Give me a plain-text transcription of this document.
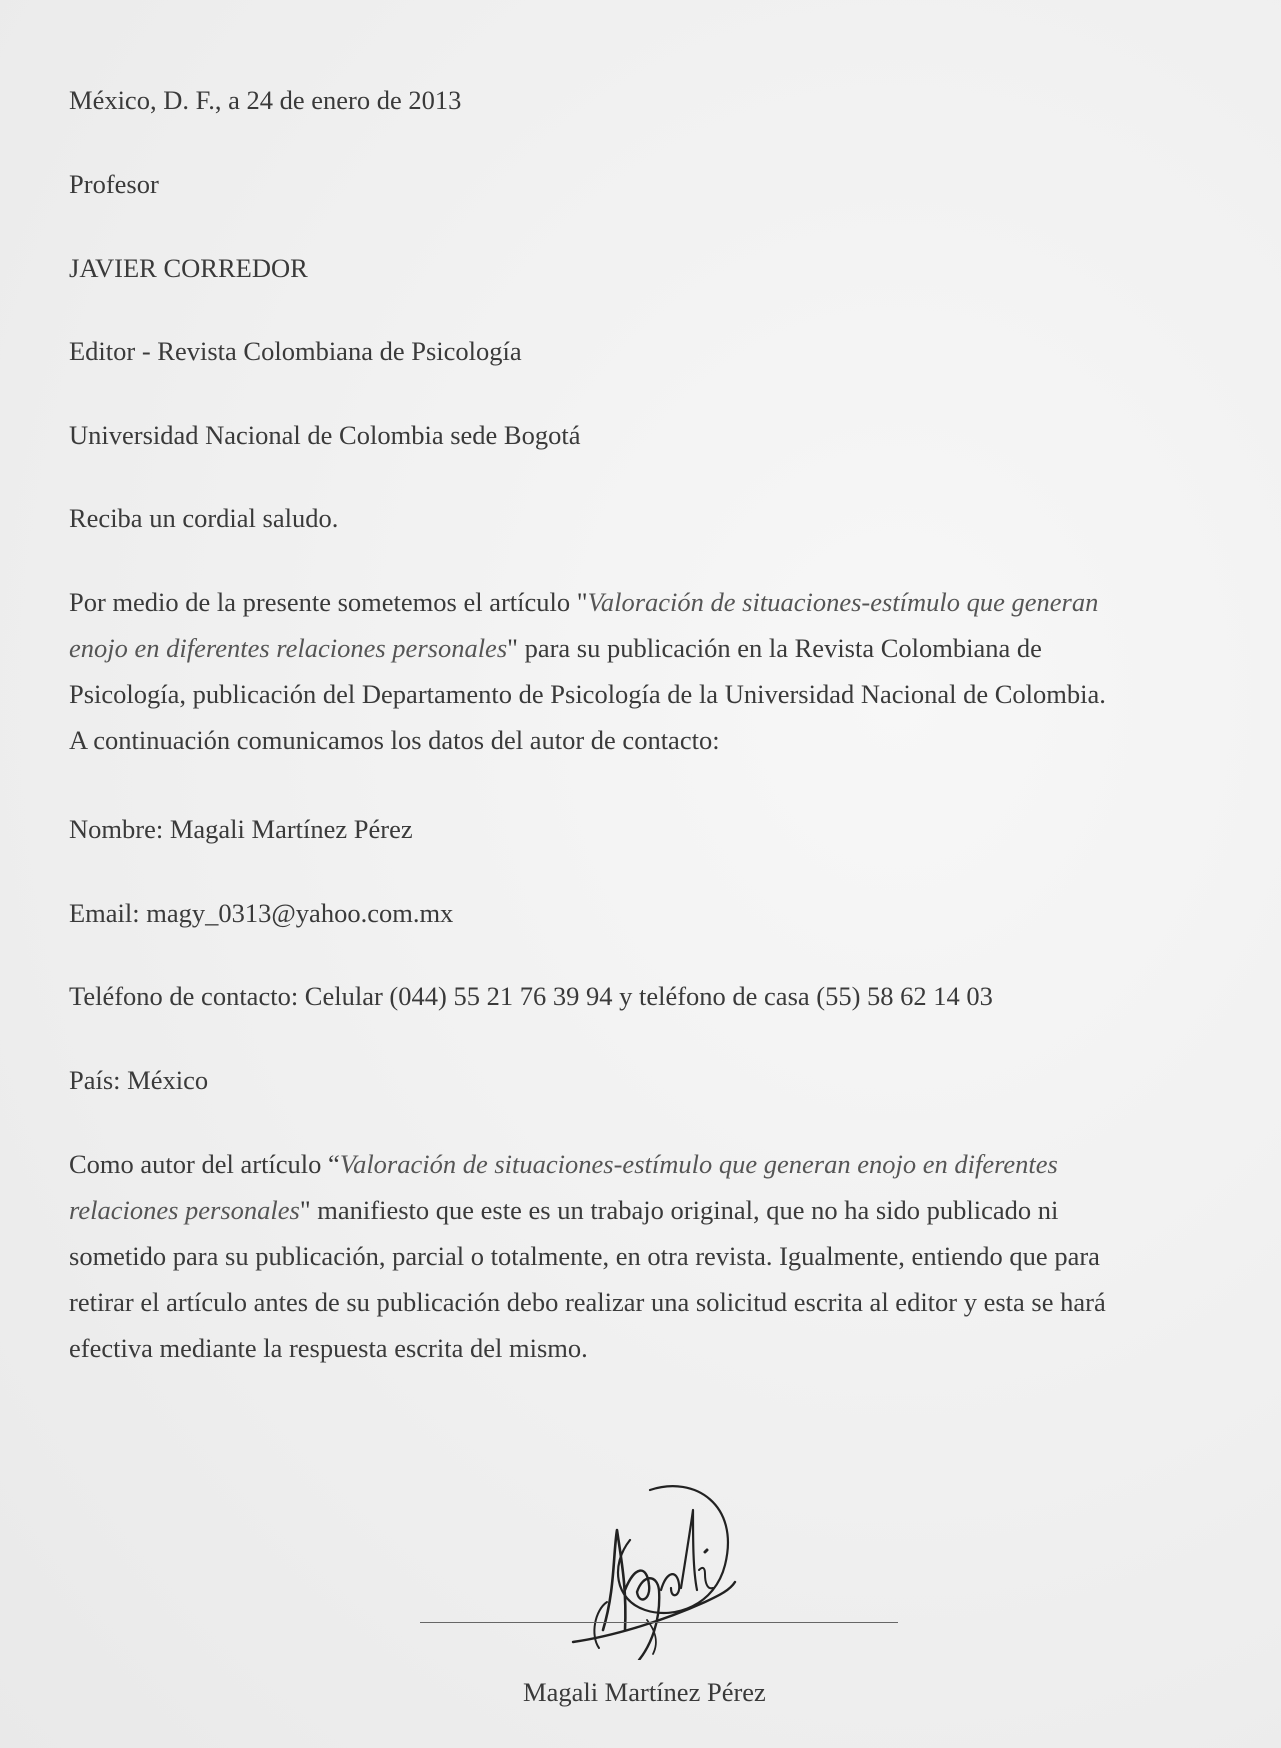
México, D. F., a 24 de enero de 2013
Profesor
JAVIER CORREDOR
Editor - Revista Colombiana de Psicología
Universidad Nacional de Colombia sede Bogotá
Reciba un cordial saludo.
Por medio de la presente sometemos el artículo "Valoración de situaciones-estímulo que generan
enojo en diferentes relaciones personales" para su publicación en la Revista Colombiana de
Psicología, publicación del Departamento de Psicología de la Universidad Nacional de Colombia.
A continuación comunicamos los datos del autor de contacto:
Nombre: Magali Martínez Pérez
Email: magy_0313@yahoo.com.mx
Teléfono de contacto: Celular (044) 55 21 76 39 94 y teléfono de casa (55) 58 62 14 03
País: México
Como autor del artículo “Valoración de situaciones-estímulo que generan enojo en diferentes
relaciones personales" manifiesto que este es un trabajo original, que no ha sido publicado ni
sometido para su publicación, parcial o totalmente, en otra revista. Igualmente, entiendo que para
retirar el artículo antes de su publicación debo realizar una solicitud escrita al editor y esta se hará
efectiva mediante la respuesta escrita del mismo.
Magali Martínez Pérez
